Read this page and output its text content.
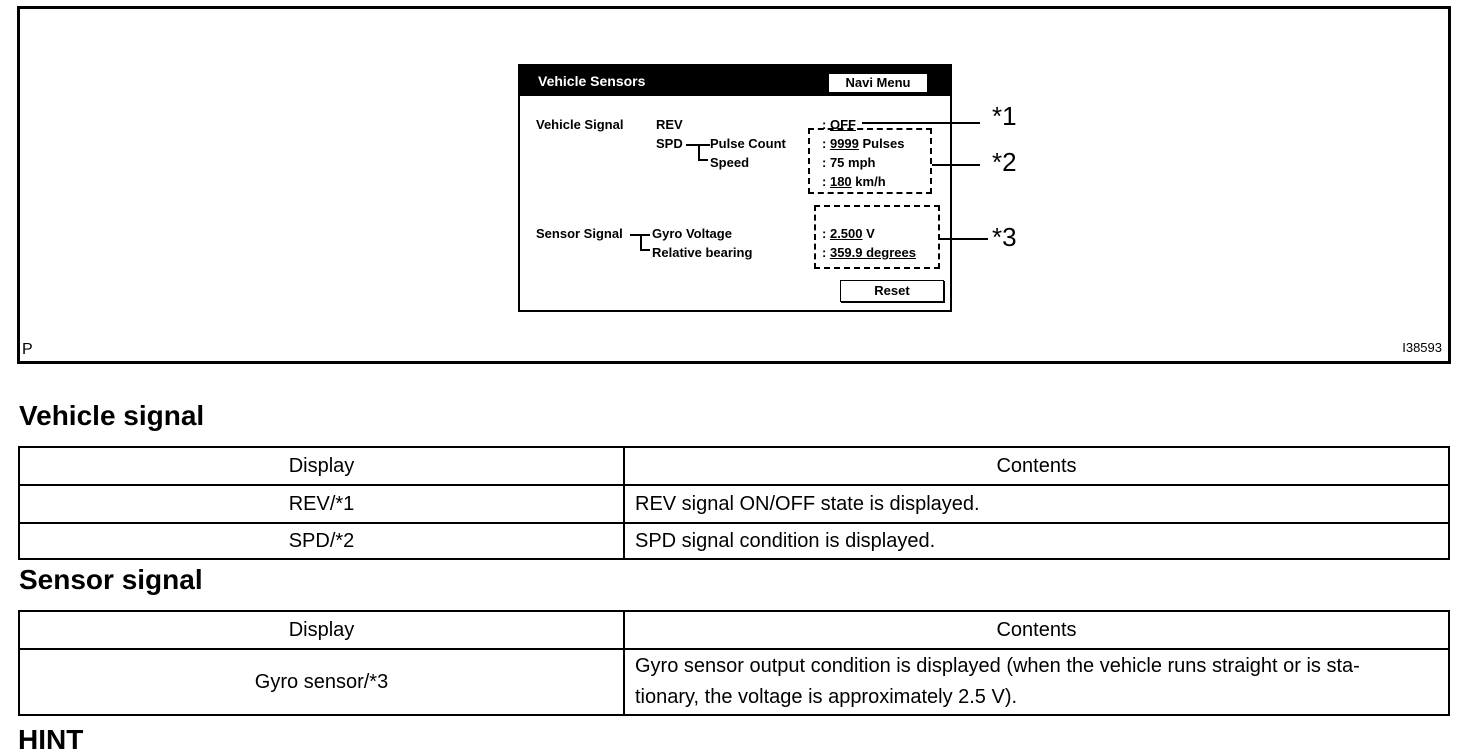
Vehicle Sensors	Navi Menu
Vehicle Signal	REV
SPD Pulse Count
Speed
: OFF
: 9999 Pulses
: 75 mph
: 180 km/h
Sensor Signal Gyro Voltage
Relative bearing
: 2.500 V
: 359.9 degrees
Reset
*1
*2
*3
P	I38593
Vehicle signal
Display	Contents
REV/*1	REV signal ON/OFF state is displayed.
SPD/*2	SPD signal condition is displayed.
Sensor signal
Display	Contents
Gyro sensor/*3	Gyro sensor output condition is displayed (when the vehicle runs straight or is sta-
tionary, the voltage is approximately 2.5 V).
HINT
